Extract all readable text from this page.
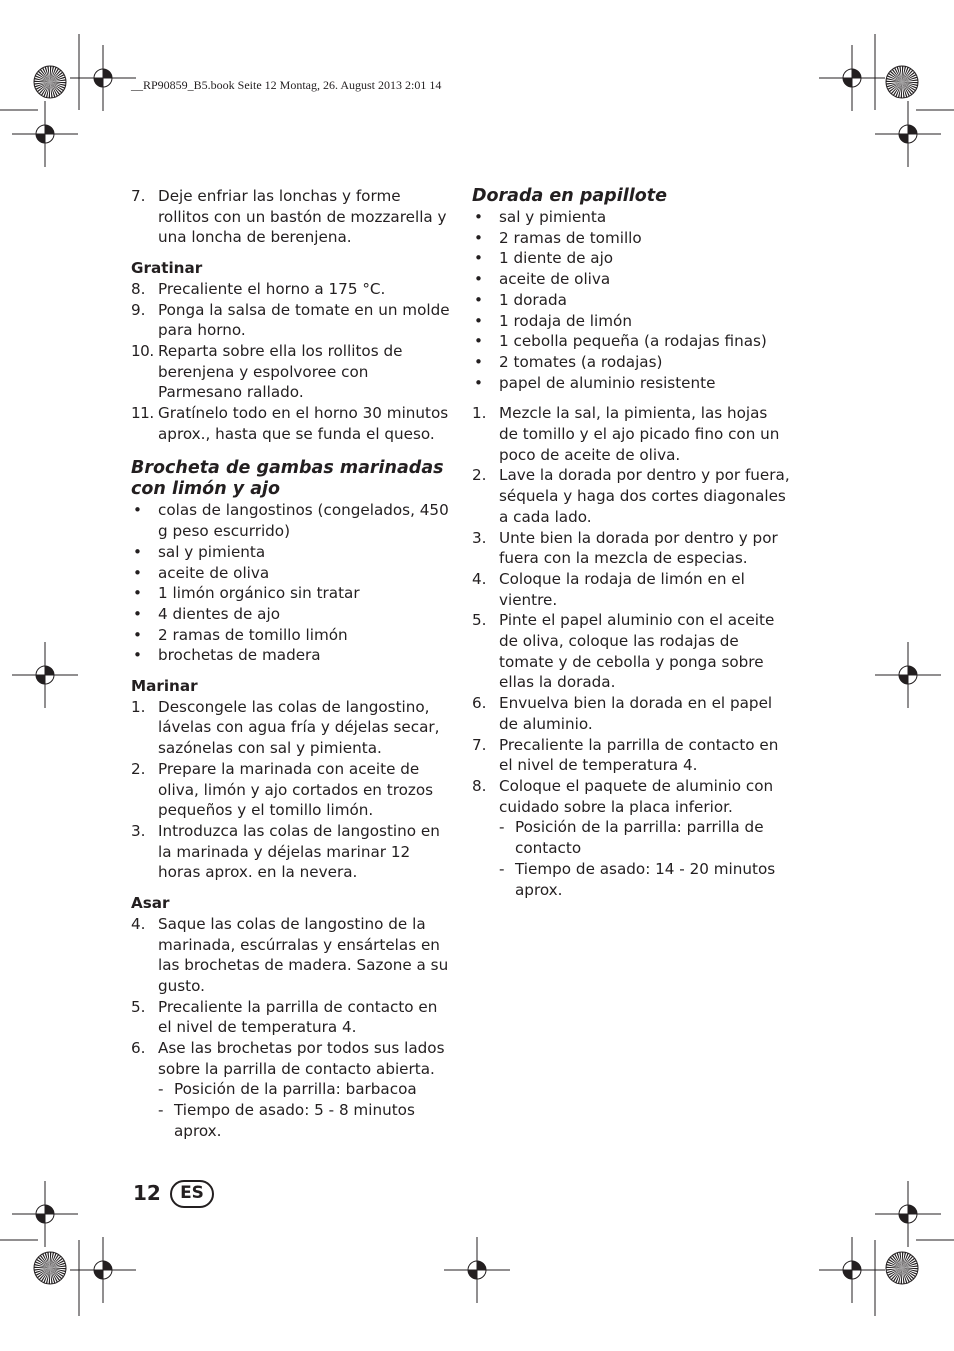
__RP90859_B5.book Seite 12 Montag, 26. August 2013 2:01 14
7. Deje enfriar las lonchas y forme rollitos con un bastón de mozzarella y una loncha de berenjena.
Gratinar
8. Precaliente el horno a 175 °C.
9. Ponga la salsa de tomate en un molde para horno.
10. Reparta sobre ella los rollitos de berenjena y espolvoree con Parmesano rallado.
11. Gratínelo todo en el horno 30 minutos aprox., hasta que se funda el queso.
Brocheta de gambas marinadas con limón y ajo
• colas de langostinos (congelados, 450 g peso escurrido)
• sal y pimienta
• aceite de oliva
• 1 limón orgánico sin tratar
• 4 dientes de ajo
• 2 ramas de tomillo limón
• brochetas de madera
Marinar
1. Descongele las colas de langostino, lávelas con agua fría y déjelas secar, sazónelas con sal y pimienta.
2. Prepare la marinada con aceite de oliva, limón y ajo cortados en trozos pequeños y el tomillo limón.
3. Introduzca las colas de langostino en la marinada y déjelas marinar 12 horas aprox. en la nevera.
Asar
4. Saque las colas de langostino de la marinada, escúrralas y ensártelas en las brochetas de madera. Sazone a su gusto.
5. Precaliente la parrilla de contacto en el nivel de temperatura 4.
6. Ase las brochetas por todos sus lados sobre la parrilla de contacto abierta.
- Posición de la parrilla: barbacoa
- Tiempo de asado: 5 - 8 minutos aprox.
Dorada en papillote
• sal y pimienta
• 2 ramas de tomillo
• 1 diente de ajo
• aceite de oliva
• 1 dorada
• 1 rodaja de limón
• 1 cebolla pequeña (a rodajas finas)
• 2 tomates (a rodajas)
• papel de aluminio resistente
1. Mezcle la sal, la pimienta, las hojas de tomillo y el ajo picado fino con un poco de aceite de oliva.
2. Lave la dorada por dentro y por fuera, séquela y haga dos cortes diagonales a cada lado.
3. Unte bien la dorada por dentro y por fuera con la mezcla de especias.
4. Coloque la rodaja de limón en el vientre.
5. Pinte el papel aluminio con el aceite de oliva, coloque las rodajas de tomate y de cebolla y ponga sobre ellas la dorada.
6. Envuelva bien la dorada en el papel de aluminio.
7. Precaliente la parrilla de contacto en el nivel de temperatura 4.
8. Coloque el paquete de aluminio con cuidado sobre la placa inferior.
- Posición de la parrilla: parrilla de contacto
- Tiempo de asado: 14 - 20 minutos aprox.
12	ES
